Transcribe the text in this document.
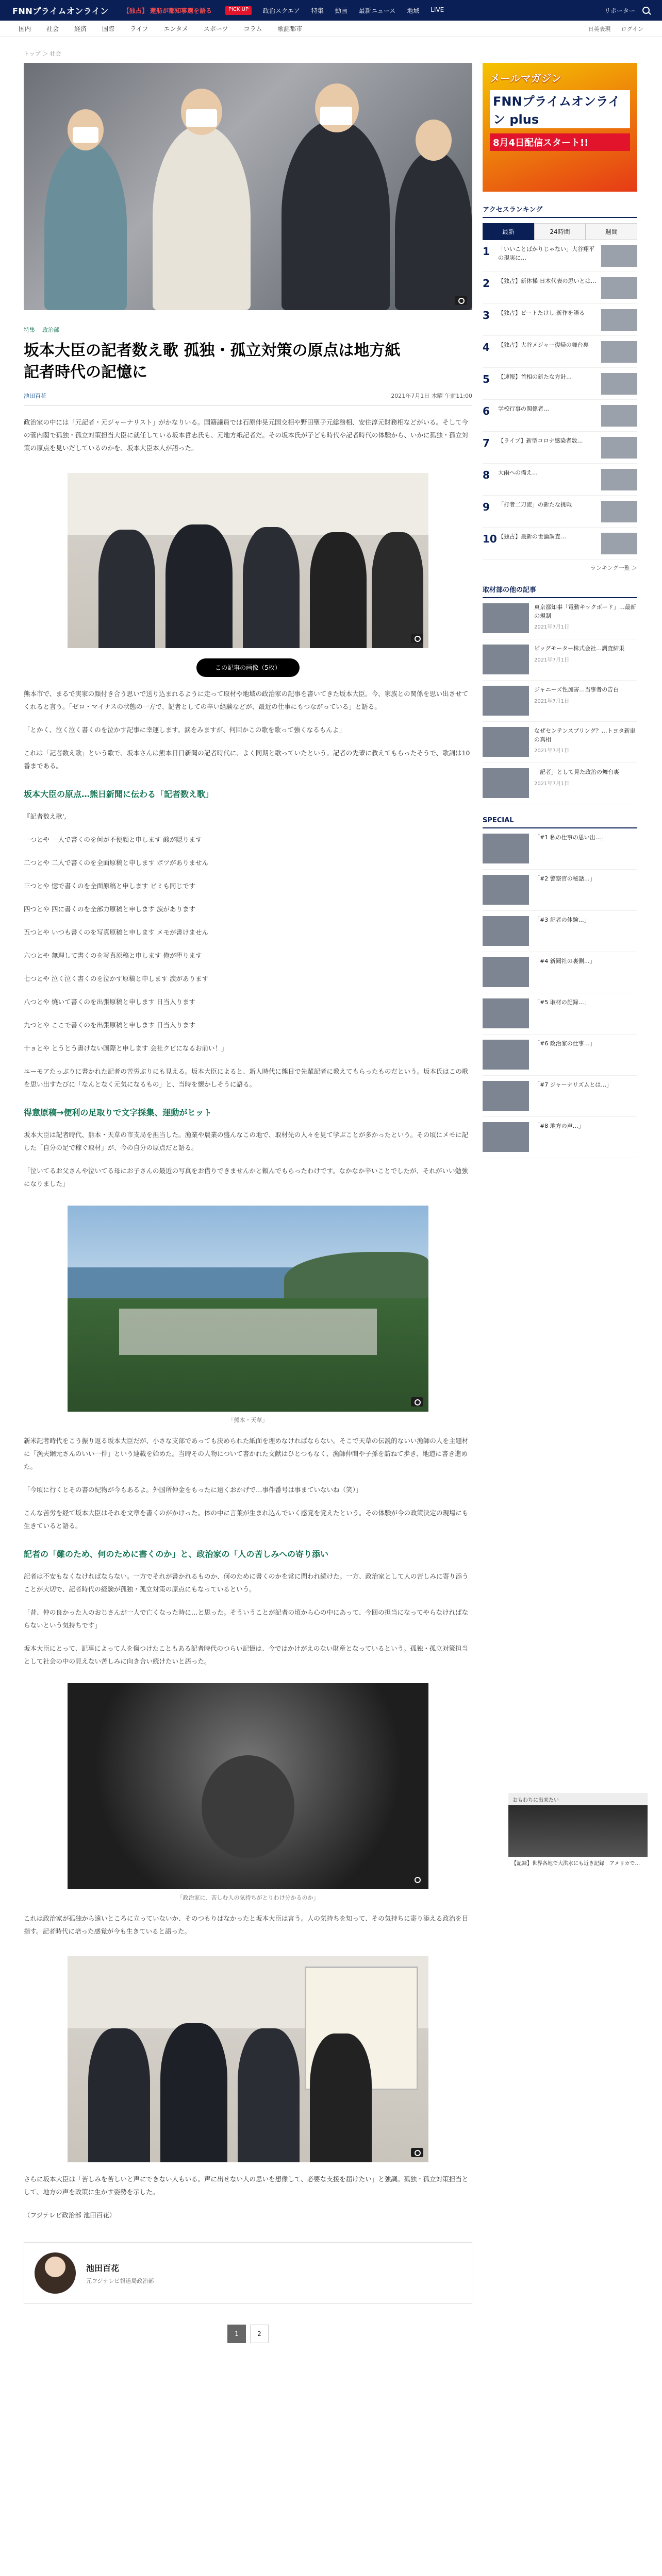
FNNプライムオンライン 【独占】 蓮舫が都知事選を語る	PICK UP	政治スクエア 特集 動画 最新ニュース 地域 LIVE	リポーター
国内	社会	経済	国際	ライフ	エンタメ	スポーツ	コラム	歌謡都市	日英表現 ログイン
トップ ＞ 社会
特集 政治部
坂本大臣の記者数え歌 孤独・孤立対策の原点は地方紙記者時代の記憶に
池田百花	2021年7月1日 木曜 午前11:00

政治家の中には「元記者・元ジャーナリスト」がかなりいる。国籍議員では石原伸晃元国交相や野田聖子元総務相、安住淳元財務相などがいる。そして今の菅内閣で孤独・孤立対策担当大臣に就任している坂本哲志氏も、元地方紙記者だ。その坂本氏が子ども時代や記者時代の体験から、いかに孤独・孤立対策の原点を見いだしているのかを、坂本大臣本人が語った。

この記事の画像（5枚）

熊本市で、まるで実家の顔付き合う思いで送り込まれるように走って取材や地域の政治家の記事を書いてきた坂本大臣。今、家族との関係を思い出させてくれると言う。「ゼロ・マイナスの状態の一方で、記者としての辛い経験などが、最近の仕事にもつながっている」と語る。

「とかく、泣く泣く書くのを泣かす記事に幸運します。涙をみますが、何回かこの歌を歌って強くなるもんよ」

これは「記者数え歌」という歌で、坂本さんは熊本日日新聞の記者時代に、よく同期と歌っていたという。記者の先輩に教えてもらったそうで、歌詞は10番まである。

坂本大臣の原点…熊日新聞に伝わる「記者数え歌」

『記者数え歌',

一つとや 一人で書くのを何が不便顔と申します 酸が隠ります

二つとや 二人で書くのを全面原稿と申します ボツがありません

三つとや 惚で書くのを全面原稿と申します ビミも同じです

四つとや 四に書くのを全部力原稿と申します 涙があります

五つとや いつも書くのを写真原稿と申します メモが書けません

六つとや 無理して書くのを写真原稿と申します 俺が堕ります

七つとや 泣く泣く書くのを泣かす原稿と申します 涙があります

八つとや 焼いて書くのを出張原稿と申します 日当入ります

九つとや ここで書くのを出張原稿と申します 日当入ります

十ョとや とうとう書けない国際と申します 会社クビになるお前い！」

ユーモアたっぷりに書かれた記者の苦労ぶりにも見える。坂本大臣によると、新人時代に熊日で先輩記者に教えてもらったものだという。坂本氏はこの歌を思い出すたびに「なんとなく元気になるもの」と、当時を懐かしそうに語る。

得意原稿→便利の足取りで文字採集、運動がヒット

坂本大臣は記者時代、熊本・天草の市支局を担当した。漁業や農業の盛んなこの地で、取材先の人々を見て学ぶことが多かったという。その頃にメモに記した「自分の足で稼ぐ取材」が、今の自分の原点だと語る。

「泣いてるお父さんや泣いてる母にお子さんの最近の写真をお借りできませんかと頼んでもらったわけです。なかなか辛いことでしたが、それがいい勉強になりました」

「熊本・天草」

新米記者時代をこう振り返る坂本大臣だが、小さな支部であっても決められた紙面を埋めなければならない。そこで天草の伝説的ないい漁師の人を主題材に「漁夫網元さんのいい一件」という連載を始めた。当時その人物について書かれた文献はひとつもなく、漁師仲間や子孫を訪ねて歩き、地道に書き進めた。

「今頃に行くとその書の紀物が今もあるよ。外国所仲金をもったに遠くおかげで…事件番号は事まていないね（笑）」

こんな苦労を経て坂本大臣はそれを文章を書くのがかけった。体の中に言葉が生まれ込んでいく感覚を覚えたという。その体験が今の政策決定の現場にも生きていると語る。

記者の「難のため、何のために書くのか」と、政治家の「人の苦しみへの寄り添い

記者は不安もなくなければならない。一方でそれが書かれるものか、何のために書くのかを常に問われ続けた。一方、政治家として人の苦しみに寄り添うことが大切で、記者時代の経験が孤独・孤立対策の原点にもなっているという。

「昔、仲の良かった人のおじさんが一人で亡くなった時に…と思った。そういうことが記者の頃から心の中にあって、今回の担当になってやらなければならないという気持ちです」

坂本大臣にとって、記事によって人を傷つけたこともある記者時代のつらい記憶は、今ではかけがえのない財産となっているという。孤独・孤立対策担当として社会の中の見えない苦しみに向き合い続けたいと語った。

「政治家に、苦しむ人の気持ちがとりわけ分かるのか」

これは政治家が孤独から遠いところに立っていないか、そのつもりはなかったと坂本大臣は言う。人の気持ちを知って、その気持ちに寄り添える政治を目指す。記者時代に培った感覚が今も生きていると語った。

さらに坂本大臣は「苦しみを苦しいと声にできない人もいる。声に出せない人の思いを想像して、必要な支援を届けたい」と強調。孤独・孤立対策担当として、地方の声を政策に生かす姿勢を示した。

（フジテレビ政治部 池田百花）

池田百花
元フジテレビ報道局政治部
1	2
メールマガジン
FNNプライムオンライン plus
8月4日配信スタート!!
アクセスランキング
最新	24時間	週間
1	「いいことばかりじゃない」大谷翔平の現実に…
2	【独占】新体操 日本代表の思いとは…
3	【独占】ビートたけし 新作を語る
4	【独占】大谷メジャー復帰の舞台裏
5	【速報】首相の新たな方針…
6	学校行事の関係者…
7	【ライブ】新型コロナ感染者数…
8	大雨への備え…
9	「打者二刀流」の新たな挑戦
10 【独占】最新の世論調査…
ランキング一覧 ＞
取材部の他の記事
東京都知事「電動キックボード」…最新の規制
2021年7月1日
ビッグモーター株式会社…調査結果
2021年7月1日
ジャニーズ性加害…当事者の告白
2021年7月1日
なぜセンテンスプリング？…トヨタ新車の真相
2021年7月1日
「記者」として見た政治の舞台裏
2021年7月1日
SPECIAL
「#1 私の仕事の思い出…」
「#2 警察官の秘話…」
「#3 記者の体験…」
「#4 新聞社の裏側…」
「#5 取材の記録…」
「#6 政治家の仕事…」
「#7 ジャーナリズムとは…」
「#8 地方の声…」
おもわちに出来たい
【記録】世界各地で大洪水にも近き記録　アメリカで…
